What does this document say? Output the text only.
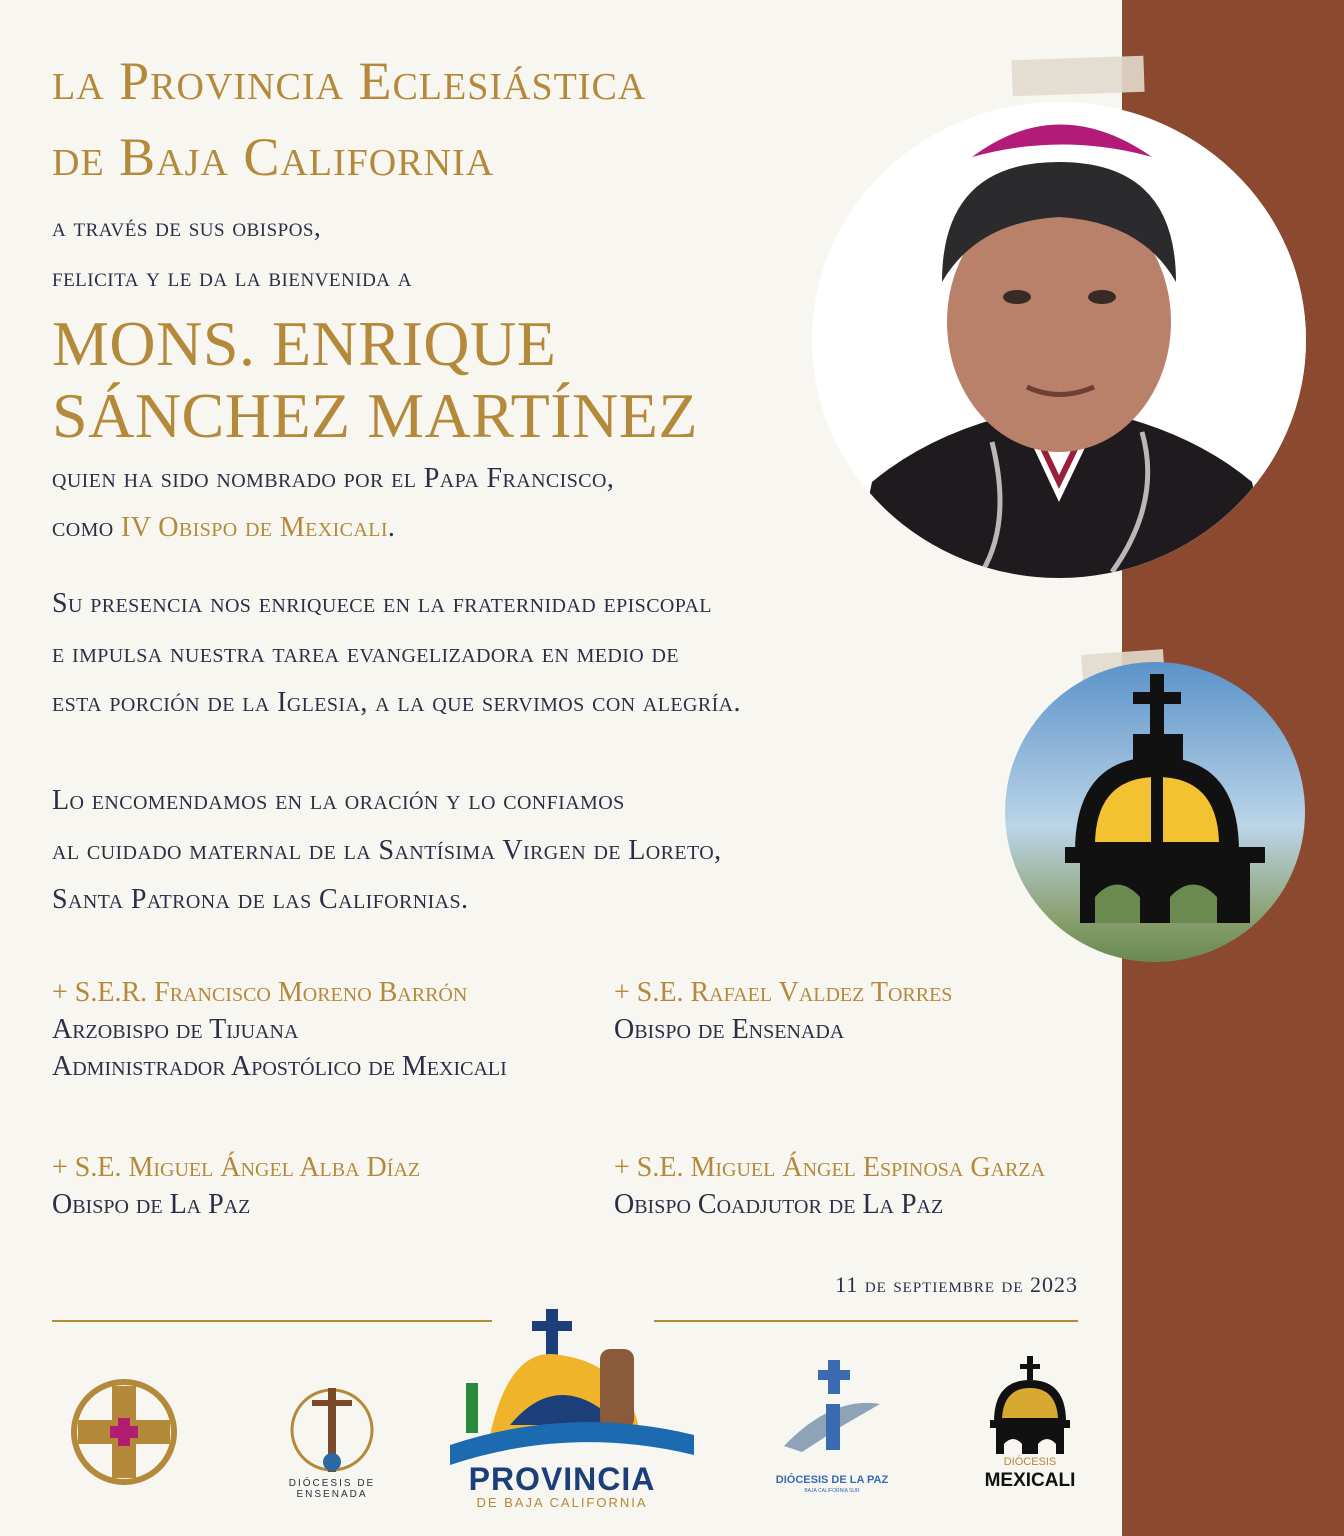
la Provincia Eclesiástica
de Baja California
a través de sus obispos,
felicita y le da la bienvenida a
MONS. ENRIQUE
SÁNCHEZ MARTÍNEZ
quien ha sido nombrado por el Papa Francisco,
como IV Obispo de Mexicali.
Su presencia nos enriquece en la fraternidad episcopal
e impulsa nuestra tarea evangelizadora en medio de
esta porción de la Iglesia, a la que servimos con alegría.
Lo encomendamos en la oración y lo confiamos
al cuidado maternal de la Santísima Virgen de Loreto,
Santa Patrona de las Californias.
+ S.E.R. Francisco Moreno Barrón
Arzobispo de Tijuana
Administrador Apostólico de Mexicali
+ S.E. Rafael Valdez Torres
Obispo de Ensenada
+ S.E. Miguel Ángel Alba Díaz
Obispo de La Paz
+ S.E. Miguel Ángel Espinosa Garza
Obispo Coadjutor de La Paz
11 de septiembre de 2023
DIÓCESIS DE ENSENADA	PROVINCIA
DE BAJA CALIFORNIA
DIÓCESIS DE LA PAZ
BAJA CALIFORNIA SUR
DIÓCESIS
MEXICALI
